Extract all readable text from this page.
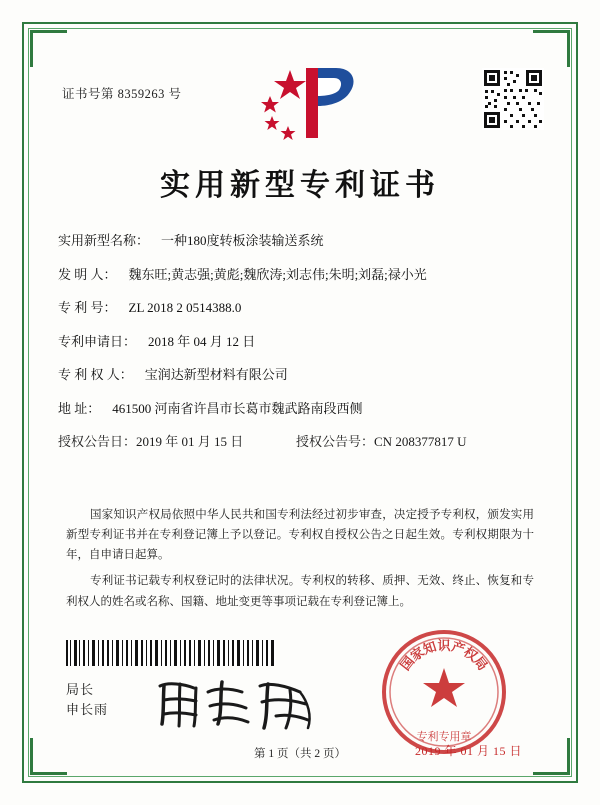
证书号第 8359263 号
实用新型专利证书
实用新型名称： 一种180度转板涂装输送系统
发 明 人： 魏东旺;黄志强;黄彪;魏欣涛;刘志伟;朱明;刘磊;禄小光
专 利 号： ZL 2018 2 0514388.0
专利申请日： 2018 年 04 月 12 日
专 利 权 人： 宝润达新型材料有限公司
地 址： 461500 河南省许昌市长葛市魏武路南段西侧
授权公告日： 2019 年 01 月 15 日	授权公告号： CN 208377817 U

国家知识产权局依照中华人民共和国专利法经过初步审查，决定授予专利权，颁发实用新型专利证书并在专利登记簿上予以登记。专利权自授权公告之日起生效。专利权期限为十年，自申请日起算。

专利证书记载专利权登记时的法律状况。专利权的转移、质押、无效、终止、恢复和专利权人的姓名或名称、国籍、地址变更等事项记载在专利登记簿上。

局长
申长雨
国
家
知 识 产
权
局
专利专用章
2019 年 01 月 15 日
第 1 页（共 2 页）
